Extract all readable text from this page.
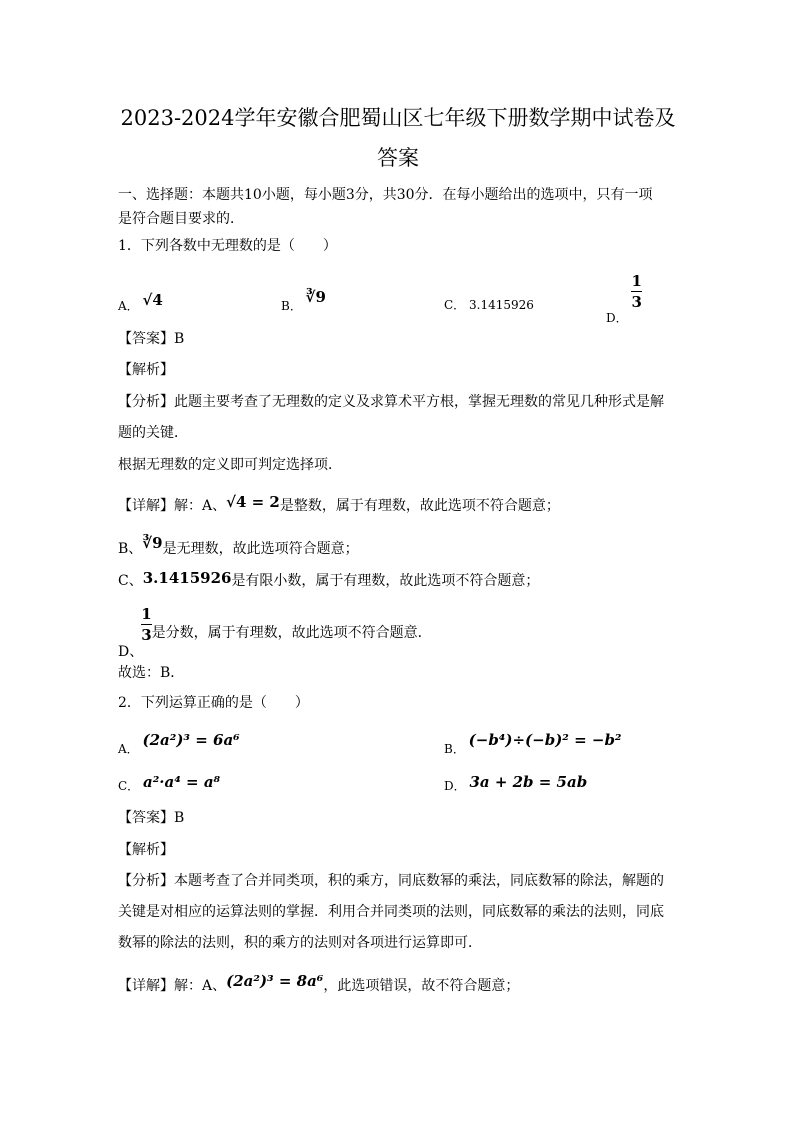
2023-2024学年安徽合肥蜀山区七年级下册数学期中试卷及
答案
一、选择题：本题共10小题，每小题3分，共30分．在每小题给出的选项中，只有一项
是符合题目要求的．
1．下列各数中无理数的是（　　）
A． √4	B． ∛9	C． 3.1415926
D．
$\frac{1}{3}$
【答案】B
【解析】
【分析】此题主要考查了无理数的定义及求算术平方根，掌握无理数的常见几种形式是解
题的关键．
根据无理数的定义即可判定选择项．
【详解】解：A、√4 = 2是整数，属于有理数，故此选项不符合题意；
B、∛9是无理数，故此选项符合题意；
C、3.1415926是有限小数，属于有理数，故此选项不符合题意；
D、
$\frac{1}{3}$ 是分数，属于有理数，故此选项不符合题意．
故选：B．
2．下列运算正确的是（　　）
A． (2a²)³ = 6a⁶	B． (−b⁴)÷(−b)² = −b²
C． a²·a⁴ = a⁸	D． 3a + 2b = 5ab
【答案】B
【解析】
【分析】本题考查了合并同类项，积的乘方，同底数幂的乘法，同底数幂的除法，解题的
关键是对相应的运算法则的掌握．利用合并同类项的法则，同底数幂的乘法的法则，同底
数幂的除法的法则，积的乘方的法则对各项进行运算即可．
【详解】解：A、(2a²)³ = 8a⁶，此选项错误，故不符合题意；
